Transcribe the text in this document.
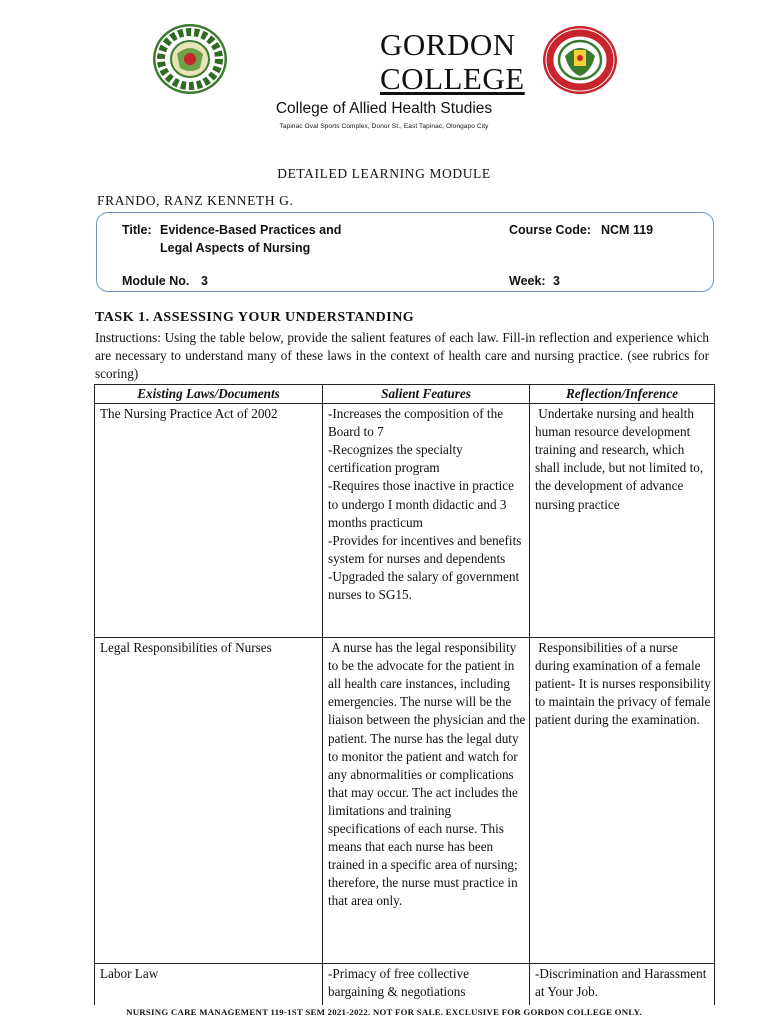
GORDON
COLLEGE
College of Allied Health Studies
Tapinac Oval Sports Complex, Donor St., East Tapinac, Olongapo City
DETAILED LEARNING MODULE
FRANDO, RANZ KENNETH G.
Title: Evidence-Based Practices and
Legal Aspects of Nursing
Course Code: NCM 119
Module No. 3	Week: 3
TASK 1. ASSESSING YOUR UNDERSTANDING
Instructions: Using the table below, provide the salient features of each law. Fill-in reflection and experience which are necessary to understand many of these laws in the context of health care and nursing practice. (see rubrics for scoring)
Existing Laws/Documents	Salient Features	Reflection/Inference
The Nursing Practice Act of 2002	-Increases the composition of the Board to 7
-Recognizes the specialty certification program
-Requires those inactive in practice to undergo I month didactic and 3 months practicum
-Provides for incentives and benefits system for nurses and dependents
-Upgraded the salary of government nurses to SG15.	Undertake nursing and health human resource development training and research, which shall include, but not limited to, the development of advance nursing practice

Legal Responsibilities of Nurses	A nurse has the legal responsibility to be the advocate for the patient in all health care instances, including emergencies. The nurse will be the liaison between the physician and the patient. The nurse has the legal duty to monitor the patient and watch for any abnormalities or complications that may occur. The act includes the limitations and training specifications of each nurse. This means that each nurse has been trained in a specific area of nursing; therefore, the nurse must practice in that area only.	Responsibilities of a nurse during examination of a female patient- It is nurses responsibility to maintain the privacy of female patient during the examination.

Labor Law	-Primacy of free collective bargaining & negotiations	-Discrimination and Harassment at Your Job.
NURSING CARE MANAGEMENT 119-1ST SEM 2021-2022. NOT FOR SALE. EXCLUSIVE FOR GORDON COLLEGE ONLY.
